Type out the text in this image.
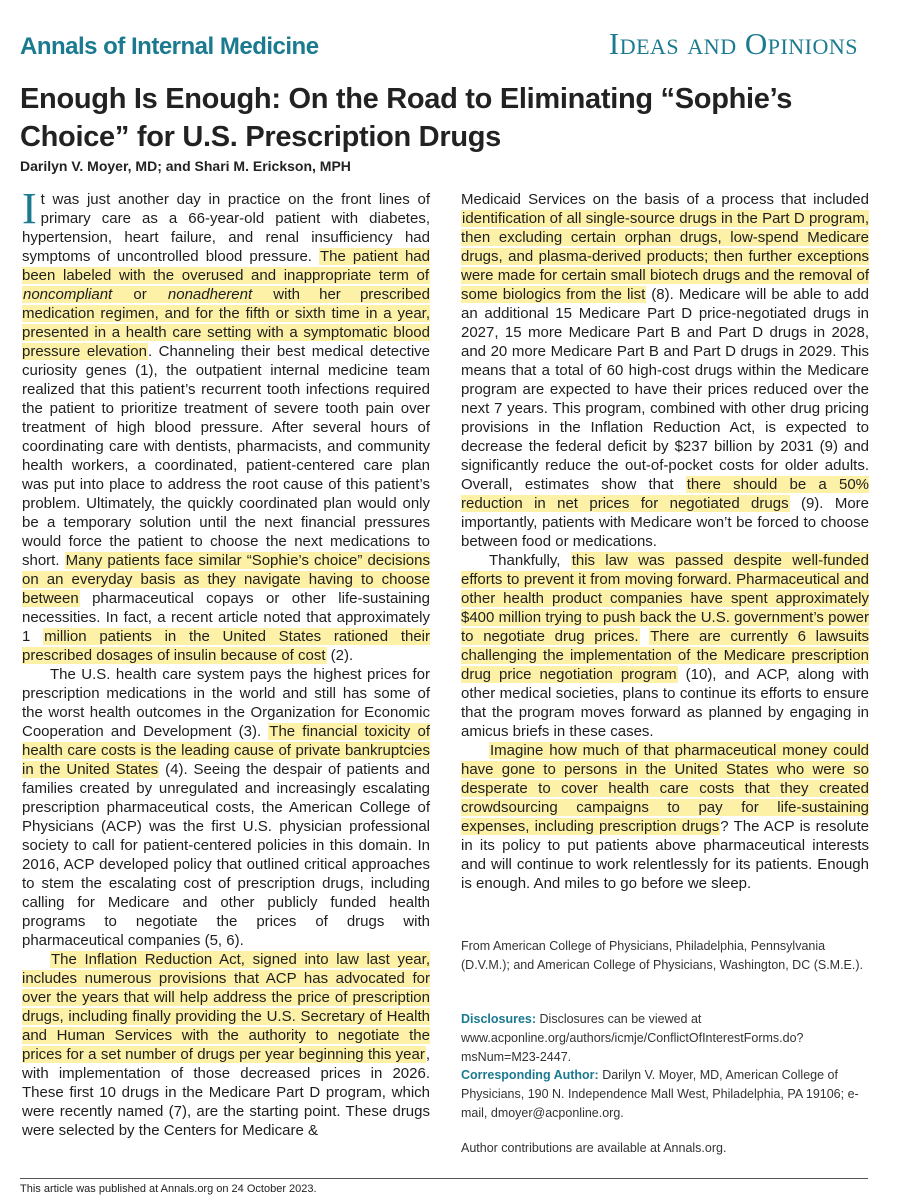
Annals of Internal Medicine	Ideas and Opinions
Enough Is Enough: On the Road to Eliminating “Sophie’s Choice” for U.S. Prescription Drugs
Darilyn V. Moyer, MD; and Shari M. Erickson, MPH

It was just another day in practice on the front lines of primary care as a 66-year-old patient with diabetes, hypertension, heart failure, and renal insufficiency had symptoms of uncontrolled blood pressure. The patient had been labeled with the overused and inappropriate term of noncompliant or nonadherent with her prescribed medication regimen, and for the fifth or sixth time in a year, presented in a health care setting with a symptomatic blood pressure elevation. Channeling their best medical detective curiosity genes (1), the outpatient internal medicine team realized that this patient’s recurrent tooth infections required the patient to prioritize treatment of severe tooth pain over treatment of high blood pressure. After several hours of coordinating care with dentists, pharmacists, and community health workers, a coordinated, patient-centered care plan was put into place to address the root cause of this patient’s problem. Ultimately, the quickly coordinated plan would only be a temporary solution until the next financial pressures would force the patient to choose the next medications to short. Many patients face similar “Sophie’s choice” decisions on an everyday basis as they navigate having to choose between pharmaceutical copays or other life-sustaining necessities. In fact, a recent article noted that approximately 1 million patients in the United States rationed their prescribed dosages of insulin because of cost (2).

The U.S. health care system pays the highest prices for prescription medications in the world and still has some of the worst health outcomes in the Organization for Economic Cooperation and Development (3). The financial toxicity of health care costs is the leading cause of private bankruptcies in the United States (4). Seeing the despair of patients and families created by unregulated and increasingly escalating prescription pharmaceutical costs, the American College of Physicians (ACP) was the first U.S. physician professional society to call for patient-centered policies in this domain. In 2016, ACP developed policy that outlined critical approaches to stem the escalating cost of prescription drugs, including calling for Medicare and other publicly funded health programs to negotiate the prices of drugs with pharmaceutical companies (5, 6).

The Inflation Reduction Act, signed into law last year, includes numerous provisions that ACP has advocated for over the years that will help address the price of prescription drugs, including finally providing the U.S. Secretary of Health and Human Services with the authority to negotiate the prices for a set number of drugs per year beginning this year, with implementation of those decreased prices in 2026. These first 10 drugs in the Medicare Part D program, which were recently named (7), are the starting point. These drugs were selected by the Centers for Medicare &

Medicaid Services on the basis of a process that included identification of all single-source drugs in the Part D program, then excluding certain orphan drugs, low-spend Medicare drugs, and plasma-derived products; then further exceptions were made for certain small biotech drugs and the removal of some biologics from the list (8). Medicare will be able to add an additional 15 Medicare Part D price-negotiated drugs in 2027, 15 more Medicare Part B and Part D drugs in 2028, and 20 more Medicare Part B and Part D drugs in 2029. This means that a total of 60 high-cost drugs within the Medicare program are expected to have their prices reduced over the next 7 years. This program, combined with other drug pricing provisions in the Inflation Reduction Act, is expected to decrease the federal deficit by $237 billion by 2031 (9) and significantly reduce the out-of-pocket costs for older adults. Overall, estimates show that there should be a 50% reduction in net prices for negotiated drugs (9). More importantly, patients with Medicare won’t be forced to choose between food or medications.

Thankfully, this law was passed despite well-funded efforts to prevent it from moving forward. Pharmaceutical and other health product companies have spent approximately $400 million trying to push back the U.S. government’s power to negotiate drug prices. There are currently 6 lawsuits challenging the implementation of the Medicare prescription drug price negotiation program (10), and ACP, along with other medical societies, plans to continue its efforts to ensure that the program moves forward as planned by engaging in amicus briefs in these cases.

Imagine how much of that pharmaceutical money could have gone to persons in the United States who were so desperate to cover health care costs that they created crowdsourcing campaigns to pay for life-sustaining expenses, including prescription drugs? The ACP is resolute in its policy to put patients above pharmaceutical interests and will continue to work relentlessly for its patients. Enough is enough. And miles to go before we sleep.

From American College of Physicians, Philadelphia, Pennsylvania (D.V.M.); and American College of Physicians, Washington, DC (S.M.E.).
Disclosures: Disclosures can be viewed at www.acponline.org/authors/icmje/ConflictOfInterestForms.do?msNum=M23-2447.
Corresponding Author: Darilyn V. Moyer, MD, American College of Physicians, 190 N. Independence Mall West, Philadelphia, PA 19106; e-mail, dmoyer@acponline.org.
Author contributions are available at Annals.org.
This article was published at Annals.org on 24 October 2023.
